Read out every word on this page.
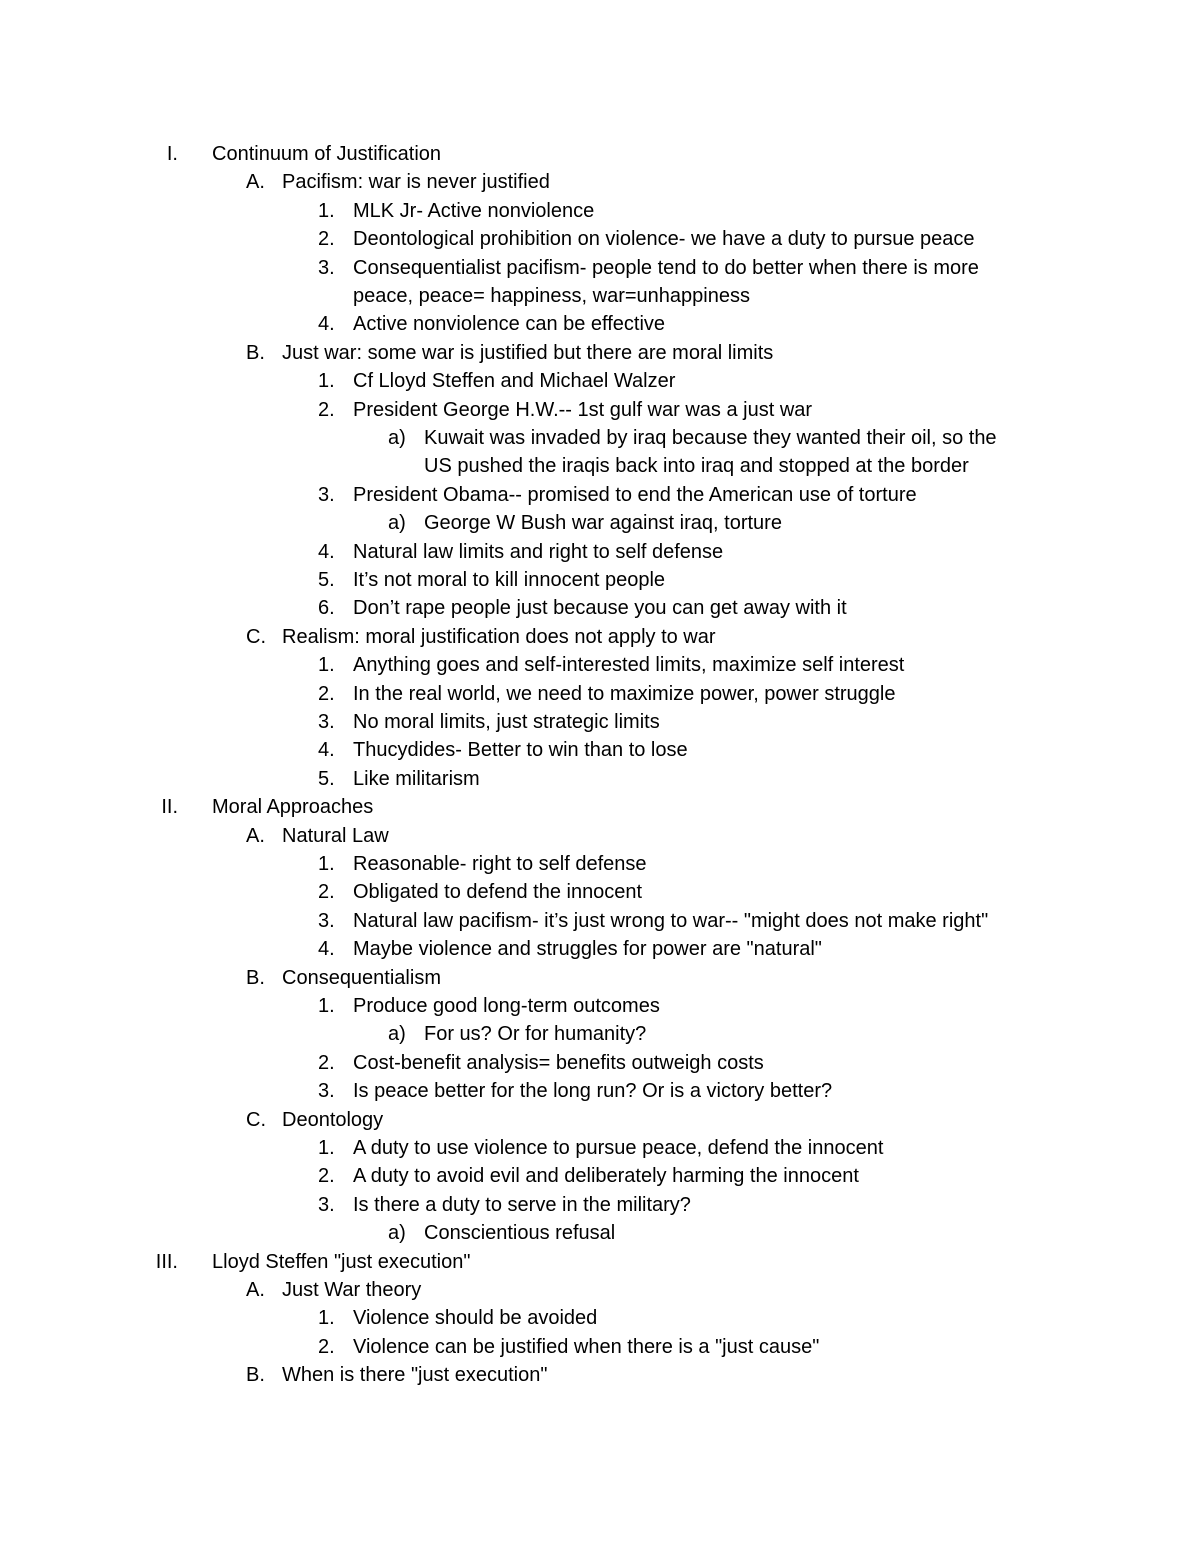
I. Continuum of Justification
A. Pacifism: war is never justified
1. MLK Jr- Active nonviolence
2. Deontological prohibition on violence- we have a duty to pursue peace
3. Consequentialist pacifism- people tend to do better when there is more
peace, peace= happiness, war=unhappiness
4. Active nonviolence can be effective
B. Just war: some war is justified but there are moral limits
1. Cf Lloyd Steffen and Michael Walzer
2. President George H.W.-- 1st gulf war was a just war
a) Kuwait was invaded by iraq because they wanted their oil, so the
US pushed the iraqis back into iraq and stopped at the border
3. President Obama-- promised to end the American use of torture
a) George W Bush war against iraq, torture
4. Natural law limits and right to self defense
5. It’s not moral to kill innocent people
6. Don’t rape people just because you can get away with it
C. Realism: moral justification does not apply to war
1. Anything goes and self-interested limits, maximize self interest
2. In the real world, we need to maximize power, power struggle
3. No moral limits, just strategic limits
4. Thucydides- Better to win than to lose
5. Like militarism
II. Moral Approaches
A. Natural Law
1. Reasonable- right to self defense
2. Obligated to defend the innocent
3. Natural law pacifism- it’s just wrong to war-- "might does not make right"
4. Maybe violence and struggles for power are "natural"
B. Consequentialism
1. Produce good long-term outcomes
a) For us? Or for humanity?
2. Cost-benefit analysis= benefits outweigh costs
3. Is peace better for the long run? Or is a victory better?
C. Deontology
1. A duty to use violence to pursue peace, defend the innocent
2. A duty to avoid evil and deliberately harming the innocent
3. Is there a duty to serve in the military?
a) Conscientious refusal
III. Lloyd Steffen "just execution"
A. Just War theory
1. Violence should be avoided
2. Violence can be justified when there is a "just cause"
B. When is there "just execution"
